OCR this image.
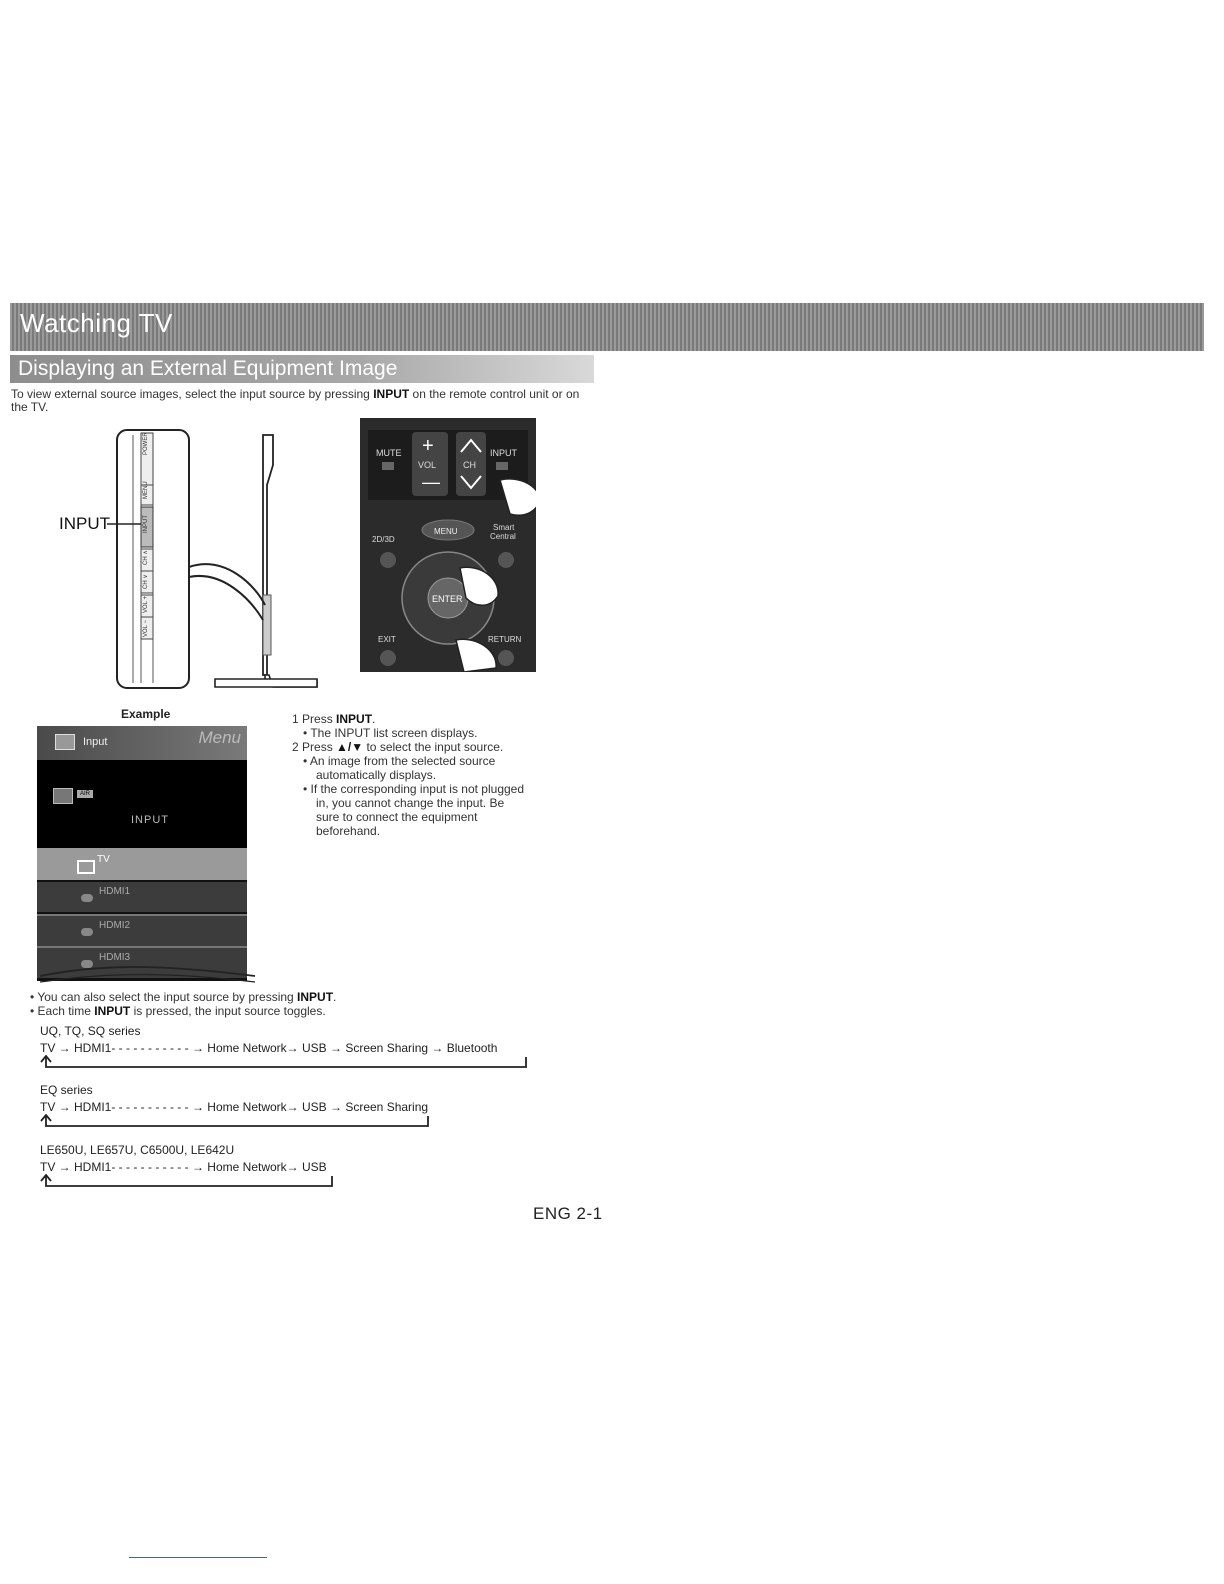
Watching TV
Displaying an External Equipment Image
To view external source images, select the input source by pressing INPUT on the remote control unit or on the TV.
POWER
MENU
INPUT
CH ∧
CH ∨
VOL +
VOL −
INPUT
MUTE +
VOL
—
CH
INPUT
2D/3D
MENU	Smart
Central
ENTER
EXIT	RETURN
Example
Input	Menu
AIR
INPUT
TV
HDMI1
HDMI2
HDMI3
1 Press INPUT.
• The INPUT list screen displays.
2 Press ▲/▼ to select the input source.
• An image from the selected source
automatically displays.
• If the corresponding input is not plugged
in, you cannot change the input. Be
sure to connect the equipment
beforehand.
• You can also select the input source by pressing INPUT.
• Each time INPUT is pressed, the input source toggles.
UQ, TQ, SQ series
TV → HDMI1- - - - - - - - - - - → Home Network→ USB → Screen Sharing → Bluetooth
EQ series
TV → HDMI1- - - - - - - - - - - → Home Network→ USB → Screen Sharing
LE650U, LE657U, C6500U, LE642U
TV → HDMI1- - - - - - - - - - - → Home Network→ USB
ENG 2-1
